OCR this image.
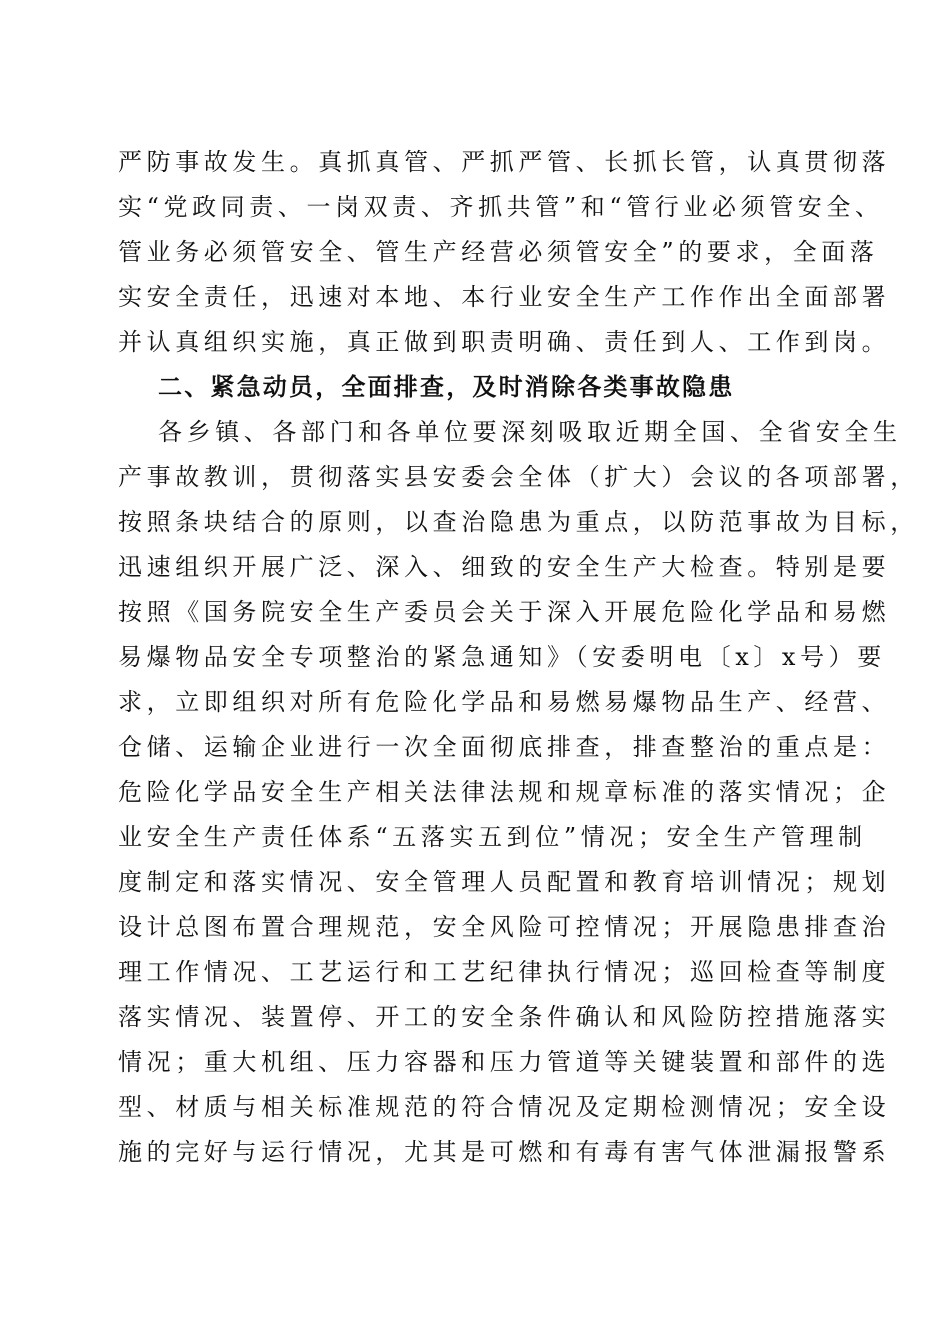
严防事故发生。真抓真管、严抓严管、长抓长管，认真贯彻落
实“党政同责、一岗双责、齐抓共管”和“管行业必须管安全、
管业务必须管安全、管生产经营必须管安全”的要求，全面落
实安全责任，迅速对本地、本行业安全生产工作作出全面部署
并认真组织实施，真正做到职责明确、责任到人、工作到岗。
二、紧急动员，全面排查，及时消除各类事故隐患
各乡镇、各部门和各单位要深刻吸取近期全国、全省安全生
产事故教训，贯彻落实县安委会全体（扩大）会议的各项部署，
按照条块结合的原则，以查治隐患为重点，以防范事故为目标，
迅速组织开展广泛、深入、细致的安全生产大检查。特别是要
按照《国务院安全生产委员会关于深入开展危险化学品和易燃
易爆物品安全专项整治的紧急通知》（安委明电〔x〕x号）要
求，立即组织对所有危险化学品和易燃易爆物品生产、经营、
仓储、运输企业进行一次全面彻底排查，排查整治的重点是：
危险化学品安全生产相关法律法规和规章标准的落实情况；企
业安全生产责任体系“五落实五到位”情况；安全生产管理制
度制定和落实情况、安全管理人员配置和教育培训情况；规划
设计总图布置合理规范，安全风险可控情况；开展隐患排查治
理工作情况、工艺运行和工艺纪律执行情况；巡回检查等制度
落实情况、装置停、开工的安全条件确认和风险防控措施落实
情况；重大机组、压力容器和压力管道等关键装置和部件的选
型、材质与相关标准规范的符合情况及定期检测情况；安全设
施的完好与运行情况，尤其是可燃和有毒有害气体泄漏报警系
